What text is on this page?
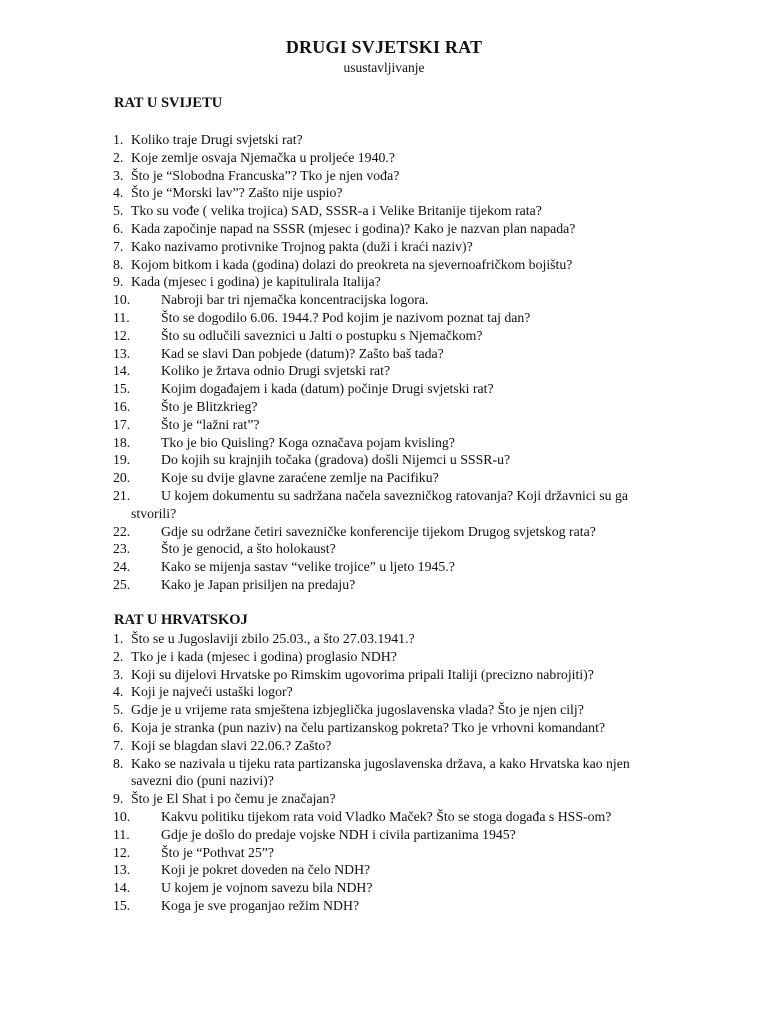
DRUGI SVJETSKI RAT
usustavljivanje
RAT U SVIJETU
1. Koliko traje Drugi svjetski rat?
2. Koje zemlje osvaja Njemačka u proljeće 1940.?
3. Što je “Slobodna Francuska”? Tko je njen vođa?
4. Što je “Morski lav”? Zašto nije uspio?
5. Tko su vođe ( velika trojica) SAD, SSSR-a i Velike Britanije tijekom rata?
6. Kada započinje napad na SSSR (mjesec i godina)? Kako je nazvan plan napada?
7. Kako nazivamo protivnike Trojnog pakta (duži i kraći naziv)?
8. Kojom bitkom i kada (godina) dolazi do preokreta na sjevernoafričkom bojištu?
9. Kada (mjesec i godina) je kapitulirala Italija?
10.	Nabroji bar tri njemačka koncentracijska logora.
11.	Što se dogodilo 6.06. 1944.? Pod kojim je nazivom poznat taj dan?
12.	Što su odlučili saveznici u Jalti o postupku s Njemačkom?
13.	Kad se slavi Dan pobjede (datum)? Zašto baš tada?
14.	Koliko je žrtava odnio Drugi svjetski rat?
15.	Kojim događajem i kada (datum) počinje Drugi svjetski rat?
16.	Što je Blitzkrieg?
17.	Što je “lažni rat”?
18.	Tko je bio Quisling? Koga označava pojam kvisling?
19.	Do kojih su krajnjih točaka (gradova) došli Nijemci u SSSR-u?
20.	Koje su dvije glavne zaraćene zemlje na Pacifiku?
21.	U kojem dokumentu su sadržana načela savezničkog ratovanja? Koji državnici su ga stvorili?
22.	Gdje su održane četiri savezničke konferencije tijekom Drugog svjetskog rata?
23.	Što je genocid, a što holokaust?
24.	Kako se mijenja sastav “velike trojice” u ljeto 1945.?
25.	Kako je Japan prisiljen na predaju?
RAT U HRVATSKOJ
1. Što se u Jugoslaviji zbilo 25.03., a što 27.03.1941.?
2. Tko je i kada (mjesec i godina) proglasio NDH?
3. Koji su dijelovi Hrvatske po Rimskim ugovorima pripali Italiji (precizno nabrojiti)?
4. Koji je najveći ustaški logor?
5. Gdje je u vrijeme rata smještena izbjeglička jugoslavenska vlada? Što je njen cilj?
6. Koja je stranka (pun naziv) na čelu partizanskog pokreta? Tko je vrhovni komandant?
7. Koji se blagdan slavi 22.06.? Zašto?
8. Kako se nazivala u tijeku rata partizanska jugoslavenska država, a kako Hrvatska kao njen savezni dio (puni nazivi)?
9. Što je El Shat i po čemu je značajan?
10.	Kakvu politiku tijekom rata void Vladko Maček? Što se stoga događa s HSS-om?
11.	Gdje je došlo do predaje vojske NDH i civila partizanima 1945?
12.	Što je “Pothvat 25”?
13.	Koji je pokret doveden na čelo NDH?
14.	U kojem je vojnom savezu bila NDH?
15.	Koga je sve proganjao režim NDH?
